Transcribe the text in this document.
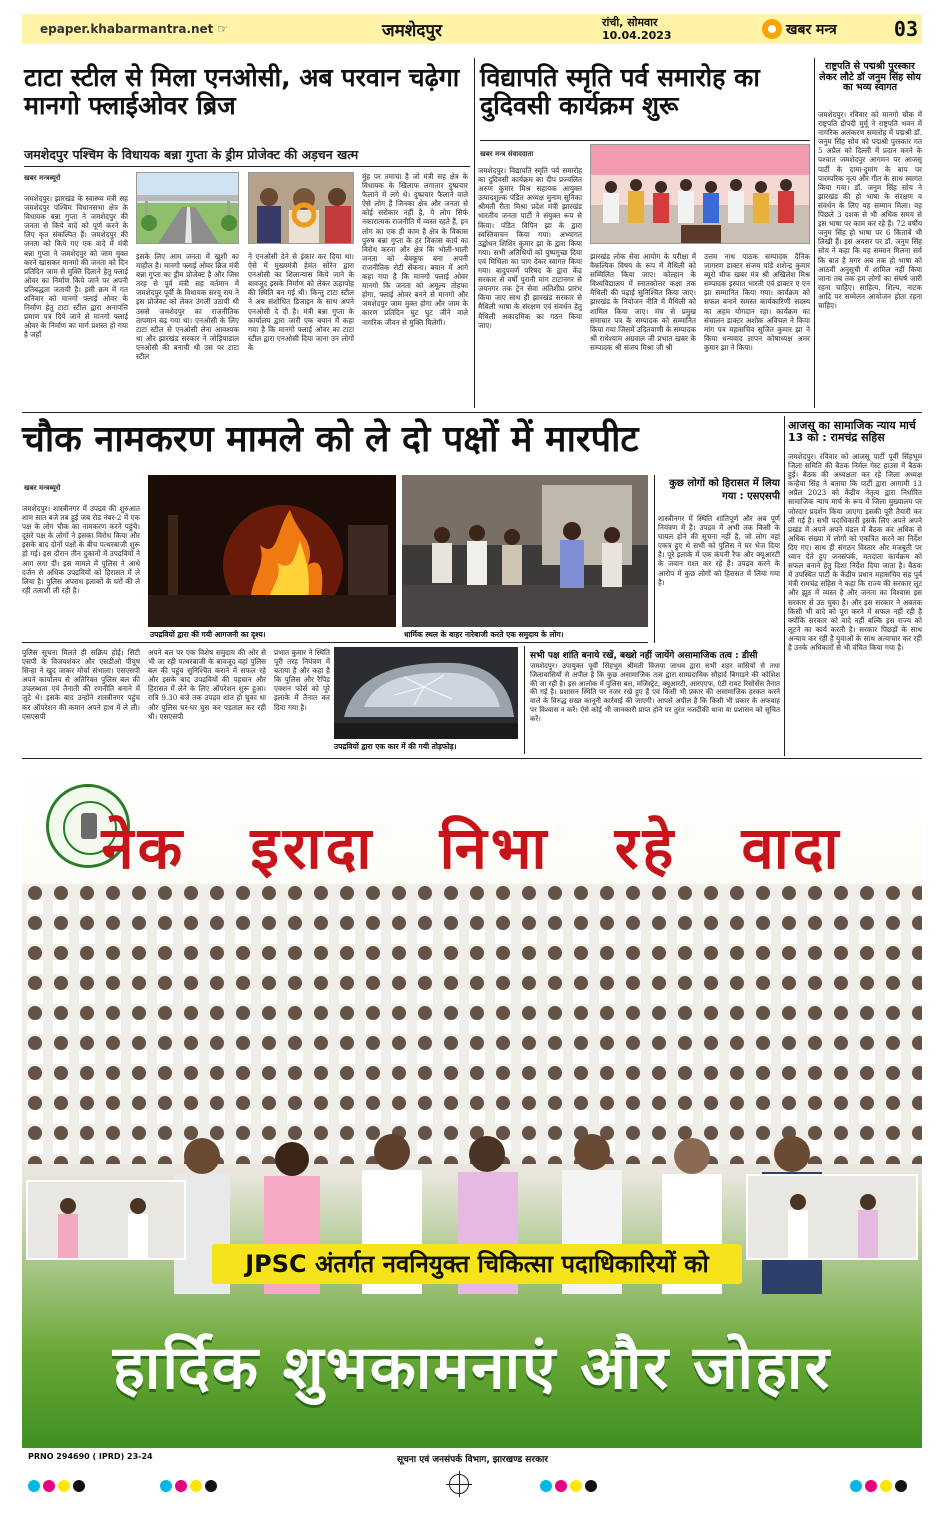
epaper.khabarmantra.net ☞	जमशेदपुर	रांची, सोमवार
10.04.2023	खबर मन्त्र	03
टाटा स्टील से मिला एनओसी, अब परवान चढ़ेगा मानगो फ्लाईओवर ब्रिज
जमशेदपुर पश्चिम के विधायक बन्ना गुप्ता के ड्रीम प्रोजेक्ट की अड़चन खत्म
खबर मन्त्रब्यूरो
जमशेदपुर। झारखंड के स्वास्थ्य मंत्री सह जमशेदपुर पश्चिम विधानसभा क्षेत्र के विधायक बन्ना गुप्ता ने जमशेदपुर की जनता से किये वादे को पूर्ण करने के लिए कृत संकल्पित हैं। जमशेदपुर की जनता को किये गए एक वादे में मंत्री बन्ना गुप्ता ने जमशेदपुर को जाम मुक्त करने खासकर मानगो की जनता को दिन प्रतिदिन जाम से मुक्ति दिलाने हेतु फ्लाई ओवर का निर्माण किये जाने पर अपनी प्रतिबद्धता जतायी है। इसी क्रम में गत शनिवार को मानगो फ्लाई ओवर के निर्माण हेतु टाटा स्टील द्वारा अनापत्ति प्रमाण पत्र दिये जाने से मानगो फ्लाई ओवर के निर्माण का मार्ग प्रशस्त हो गया है जहाँ
इसके लिए आम जनता में खुशी का माहौल है। मानगो फ्लाई ओवर ब्रिज मंत्री बन्ना गुप्ता का ड्रीम प्रोजेक्ट है और जिस तरह से पूर्व मंत्री सह वर्तमान में जमशेदपुर पूर्वी के विधायक सरयू राय ने इस प्रोजेक्ट को लेकर उंगली उठायी थी उससे जमशेदपुर का राजनीतिक तापमान बढ़ गया था। एनओसी के लिए टाटा स्टील से एनओसी लेना आवश्यक था और झारखंड सरकार ने जोड़ियाडाल एनओसी की बनायी थी उस पर टाटा स्टील
ने एनओसी देने से इंकार कर दिया था। ऐसे में मुख्यमंत्री हेमंत सोरेन द्वारा एनओसी का शिलान्यास किये जाने के बावजूद इसके निर्माण को लेकर ऊहापोह की स्थिति बन गई थी। किन्तु टाटा स्टील ने अब संशोधित डिजाइन के साथ अपने एनओसी दे दी है। मंत्री बन्ना गुप्ता के कार्यालय द्वारा जारी एक बयान में कहा गया है कि मानगो फ्लाई ओवर का टाटा स्टील द्वारा एनओसी दिया जाना उन लोगों के
मुंह पर तमाचा है जो मंत्री सह क्षेत्र के विधायक के खिलाफ लगातार दुष्प्रचार फैलाने में लगे थे। दुष्प्रचार फैलाने वाले ऐसे लोग हैं जिनका क्षेत्र और जनता से कोई सरोकार नहीं है, ये लोग सिर्फ नकारात्मक राजनीति में व्यस्त रहते हैं, इन लोग का एक ही काम है क्षेत्र के विकास पुरुष बन्ना गुप्ता के हर विकास कार्य का विरोध करना और क्षेत्र कि भोली-भाली जनता को बेवकूफ बना अपनी राजनीतिक रोटी सेंकना। बयान में आगे कहा गया है कि मानगो फ्लाई ओवर मानगो कि जनता को अमूल्य तोहफा होगा, फ्लाई ओवर बनने से मानगो और जमशेदपुर जाम मुक्त होगा और जाम के कारण प्रतिदिन घुट घुट जीने वाले नागरिक जीवन से मुक्ति मिलेगी।
विद्यापति स्मृति पर्व समारोह का दुदिवसी कार्यक्रम शुरू
खबर मन्त्र संवाददाता
जमशेदपुर। विद्यापति स्मृति पर्व समारोह का दुदिवसी कार्यक्रम का दीप प्रज्वलित अरुण कुमार मिश्र सहायक आयुक्त उत्पादशुल्क पंडित अध्यक्ष मुनाम सुनिका श्रीमती रीता मिश्रा प्रदेश मंत्री झारखंड भारतीय जनता पार्टी ने संयुक्त रूप से किया। पंडित विपिन झा के द्वारा स्वस्तिवाचन किया गया। अभ्यागत उद्बोधन शिशिर कुमार झा के द्वारा किया गया। सभी अतिथियों को पुष्पगुच्छ दिया एवं मिथिला का पाग देकर स्वागत किया गया। बादुपमर्ण परिषद के द्वारा केंद्र सरकार से वर्षों पुरानी मांग टाटानगर से जयनगर तक ट्रेन सेवा अतिशीघ्र प्रारंभ किया जाए साथ ही झारखंड सरकार से मैथिली भाषा के संरक्षण एवं संवर्धन हेतु मैथिली अकादमिक का गठन किया जाए।
झारखंड लोक सेवा आयोग के परीक्षा में वैकल्पिक विषय के रूप में मैथिली को सम्मिलित किया जाए। कोल्हान के विश्वविद्यालय में स्नातकोत्तर कक्षा तक मैथिली की पढ़ाई सुनिश्चित किया जाए। झारखंड के नियोजन नीति में मैथिली को शामिल किया जाए। मंच से प्रमुख समाचार पत्र के सम्पादक को सम्मानित किया गया जिसमें उदितवाणी के सम्पादक श्री राधेश्याम अग्रवाल जी प्रभात खबर के सम्पादक श्री संजय मिश्रा जी श्री
उत्तम नाथ पाठक सम्पादक दैनिक जागरण डाक्टर संजय पांडे शशेन्द्र कुमार ब्यूरो चीफ खबर मंत्र श्री अखिलेश मिश्र सम्पादक इस्पात भारती एवं डाक्टर ए एन झा सम्मानित किया गया। कार्यक्रम को सफल बनाने समस्त कार्यकारिणी सदस्य का अहम योगदान रहा। कार्यक्रम का संचालन डाक्टर अशोक अविचल ने किया मांग पत्र महासचिव सुजित कुमार झा ने किया धन्यवाद ज्ञापन कोषाध्यक्ष अमर कुमार झा ने किया।
राष्ट्रपति से पद्मश्री पुरस्कार लेकर लौटे डॉ जनुम सिंह सोय का भव्य स्वागत
जमशेदपुर। रविवार को मानगो चौक में राष्ट्रपति द्रौपदी मुर्मू ने राष्ट्रपति भवन में नागरिक अलंकरण समारोह में पद्मश्री डॉ. जनुम सिंह सोय को पद्मश्री पुरस्कार गत 5 अप्रैल को दिल्ली में प्रदान करने के पश्चात जमशेदपुर आगमन पर आजसू पार्टी के दामा-दुमांग के बाप पर पारम्परिक नृत्य और गीत के साथ स्वागत किया गया। डॉ. जनुम सिंह सोय ने झारखंड की हो भाषा के संरक्षण व संवर्धन के लिए यह सम्मान मिला। वह पिछले 3 दशक से भी अधिक समय से इस भाषा पर काम कर रहे हैं। 72 वर्षीय जनुम सिंह हो भाषा पर 6 किताबें भी लिखी हैं। इस अवसर पर डॉ. जनुम सिंह सोय ने कहा कि यह सम्मान मिलना सर्व कि बात है मगर अब तक हो भाषा को आठवीं अनुसूची में शामिल नहीं किया जाना तब तक हम लोगों का संघर्ष जारी रहना चाहिए। साहित्य, शिल्प, नाटक आदि पर सम्मेलन आयोजन होता रहना चाहिए।
चौक नामकरण मामले को ले दो पक्षों में मारपीट
खबर मन्त्रब्यूरो
जमशेदपुर। शास्त्रीनगर में उपद्रव की शुरुआत शाम सात बजे तब हुई जब रोड नंबर-2 में एक पक्ष के लोग चौक का नामकरण करने पहुंचे। दूसरे पक्ष के लोगों ने इसका विरोध किया और इसके बाद दोनों पक्षों के बीच पत्थरबाजी शुरू हो गई। इस दौरान तीन दुकानों में उपद्रवियों ने आग लगा दी। इस मामले में पुलिस ने आधे दर्जन से अधिक उपद्रवियों को हिरासत में ले लिया है। पुलिस अपराध इलाकों के घरों की ले रही तलाशी ली रही है।
उपद्रवियों द्वारा की गयी आगजनी का दृश्य।	धार्मिक स्थल के बाहर नारेबाजी करते एक समुदाय के लोग।
कुछ लोगों को हिरासत में लिया गया : एसएसपी
शास्त्रीनगर में स्थिति शांतिपूर्ण और अब पूर्ण नियंत्रण में है। उपद्रव में अभी तक किसी के घायल होने की सूचना नहीं है, जो लोग वहां एकत्र हुए थे सभी को पुलिस ने घर भेज दिया है। पूरे इलाके में एक कंपनी रैफ और क्यूआरटी के जवान गश्त कर रहे हैं। उपद्रव करने के आरोप में कुछ लोगों को हिरासत में लिया गया है।
पुलिस सूचना मिलते ही सक्रिय होई। सिटी एसपी के विजयशंकर और एसडीओ पीयूष सिन्हा ने खुद जाकर मोर्चा संभाला। एसएसपी अपने कार्यालय से अतिरिक्त पुलिस बल की उपलब्धता एवं तैनाती की रणनीति बनाने में जुटे थे। इसके बाद उन्होंने शास्त्रीनगर पहुंच कर ऑपरेशन की कमान अपने हाथ में ले ली। एसएसपी
अपने बल पर एक विशेष समुदाय की ओर से भी जा रही पत्थरबाजी के बावजूद वहां पुलिस बल की पहुंच सुनिश्चित कराने में सफल रहे और इसके बाद उपद्रवियों की पहचान और हिरासत में लेने के लिए ऑपरेशन शुरू हुआ। रात्रि 9.30 बजे तक उपद्रव शांत हो चुका था और पुलिस घर-घर घुस कर पड़ताल कर रही थी। एसएसपी
प्रभात कुमार ने स्थिति पूरी तरह नियंत्रण में बताया है और कहा है कि पुलिस और रैपिड एक्शन फोर्स को पूरे इलाके में तैनात कर दिया गया है।
उपद्रवियों द्वारा एक कार में की गयी तोड़फोड़।
सभी पक्ष शांति बनाये रखें, बख्शे नहीं जायेंगे असामाजिक तत्व : डीसी
जमशेदपुर। उपायुक्त पूर्वी सिंहभूम श्रीमती विजया जाधव द्वारा सभी शहर वासियों से तथा जिलावासियों से अपील है कि कुछ असामाजिक तत्व द्वारा साम्प्रदायिक सौहार्द बिगाड़ने की कोशिश की जा रही है। इस आलोक में पुलिस बल, मजिस्ट्रेट, क्यूआरटी, आरएएफ, एंटी रायट रिसोर्सेस तैनात की गई है। प्रशासन स्थिति पर नजर रखे हुए हैं एवं किसी भी प्रकार की असामाजिक हरकत करने वाले के विरुद्ध सख्त कानूनी कार्रवाई की जाएगी। आपसे अपील है कि किसी भी प्रकार के अफवाह पर विश्वास न करें। ऐसे कोई भी जानकारी प्राप्त होने पर तुरंत नजदीकी थाना या प्रशासन को सूचित करें।
आजसू का सामाजिक न्याय मार्च 13 को : रामचंद्र सहिस
जमशेदपुर। रविवार को आजसू पार्टी पूर्वी सिंहभूम जिला समिति की बैठक निर्मल गेस्ट हाउस में बैठक हुई। बैठक की अध्यक्षता कर रहे जिला अध्यक्ष कन्हैया सिंह ने बताया कि पार्टी द्वारा आगामी 13 अप्रैल 2023 को केंद्रीय नेतृत्व द्वारा निर्धारित सामाजिक न्याय मार्च के रूप में जिला मुख्यालय पर जोरदार प्रदर्शन किया जाएगा इसकी पूरी तैयारी कर ली गई है। सभी पदाधिकारी इसके लिए अपने अपने प्रखंड में अपने अपने मंडल में बैठक कर अधिक से अधिक संख्या में लोगों को एकत्रित करने का निर्देश दिए गए। साथ ही संगठन विस्तार और मजबूती पर ध्यान देते हुए जनसंपर्क, मतदाता कार्यक्रम को सफल बनाने हेतु दिशा निर्देश दिया जाता है। बैठक में उपस्थित पार्टी के केंद्रीय प्रधान महासचिव सह पूर्व मंत्री रामचंद्र सहिस ने कहा कि राज्य की सरकार लूट और झूठ में व्यस्त है और जनता का विश्वास इस सरकार से उठ चुका है। और इस सरकार ने अबतक किसी भी वादे को पूरा करने में सफल नहीं रही है क्योंकि सरकार को वादे नहीं बल्कि इस राज्य को लूटने का कार्य करती है। सरकार पिछड़ों के साथ अन्याय कर रही है युवाओं के साथ अत्याचार कर रही है उनके अधिकारों से भी वंचित किया गया है।
नेक इरादा निभा रहे वादा
JPSC अंतर्गत नवनियुक्त चिकित्सा पदाधिकारियों को
हार्दिक शुभकामनाएं और जोहार
PRNO 294690 ( IPRD) 23-24	सूचना एवं जनसंपर्क विभाग, झारखण्ड सरकार
